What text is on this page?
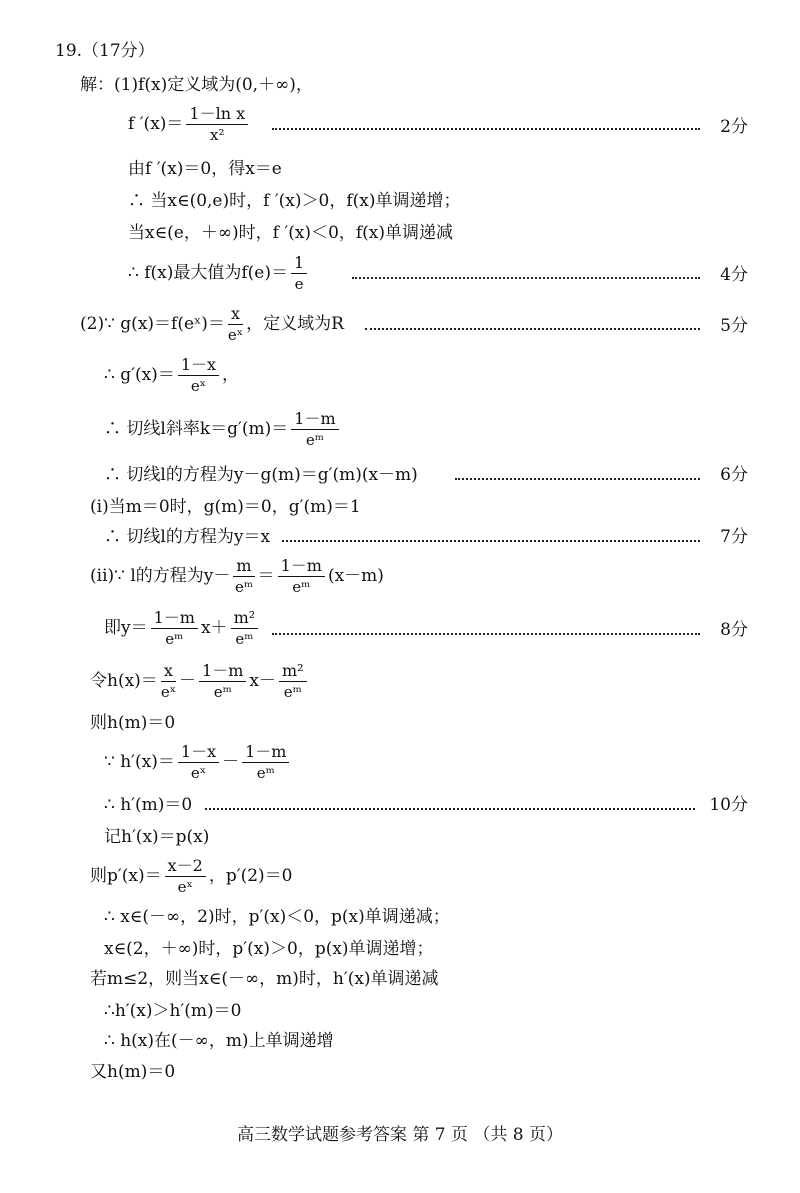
19.（17分）
解：(1)f(x)定义域为(0,＋∞)，
f $'(x)= \frac{\text{1－ln x}}{\text{x²}}$	2分
由f ′(x)＝0，得x＝e
∴ 当x∈(0,e)时，f ′(x)＞0，f(x)单调递增；
当x∈(e，＋∞)时，f ′(x)＜0，f(x)单调递减
∴ f(x)最大值为$f(e)= \frac{1}{e}$	4分
(2)∵ g(x)＝f(eˣ)＝ $\frac{x}{\text{eˣ}}$ ，定义域为R	5分
∴ $g'(x)= \frac{1-x}{\text{eˣ}}$ ，
∴ 切线l斜率$k=g'(m)= \frac{1-m}{\text{eᵐ}}$
∴ 切线l的方程为y－g(m)＝g′(m)(x－m)	6分
(i)当m＝0时，g(m)＝0，g′(m)＝1
∴ 切线l的方程为y＝x	7分
(ii)∵ l的方程为$y- \frac{m}{\text{eᵐ}} = \frac{1-m}{\text{eᵐ}} (x-m)$
即$y= \frac{1-m}{\text{eᵐ}} x+ \frac{\text{m²}}{\text{eᵐ}}$	8分
令$h(x)= \frac{x}{\text{eˣ}} - \frac{1-m}{\text{eᵐ}} x- \frac{\text{m²}}{\text{eᵐ}}$
则h(m)＝0
∵ $h'(x)= \frac{1-x}{\text{eˣ}} - \frac{1-m}{\text{eᵐ}}$
∴ h′(m)＝0	10分
记h′(x)＝p(x)
则$p'(x)= \frac{x-2}{\text{eˣ}}$ ，p′(2)＝0
∴ x∈(－∞，2)时，p′(x)＜0，p(x)单调递减；
x∈(2，＋∞)时，p′(x)＞0，p(x)单调递增；
若m≤2，则当x∈(－∞，m)时，h′(x)单调递减
∴h′(x)＞h′(m)＝0
∴ h(x)在(－∞，m)上单调递增
又h(m)＝0
高三数学试题参考答案 第 7 页 （共 8 页）
